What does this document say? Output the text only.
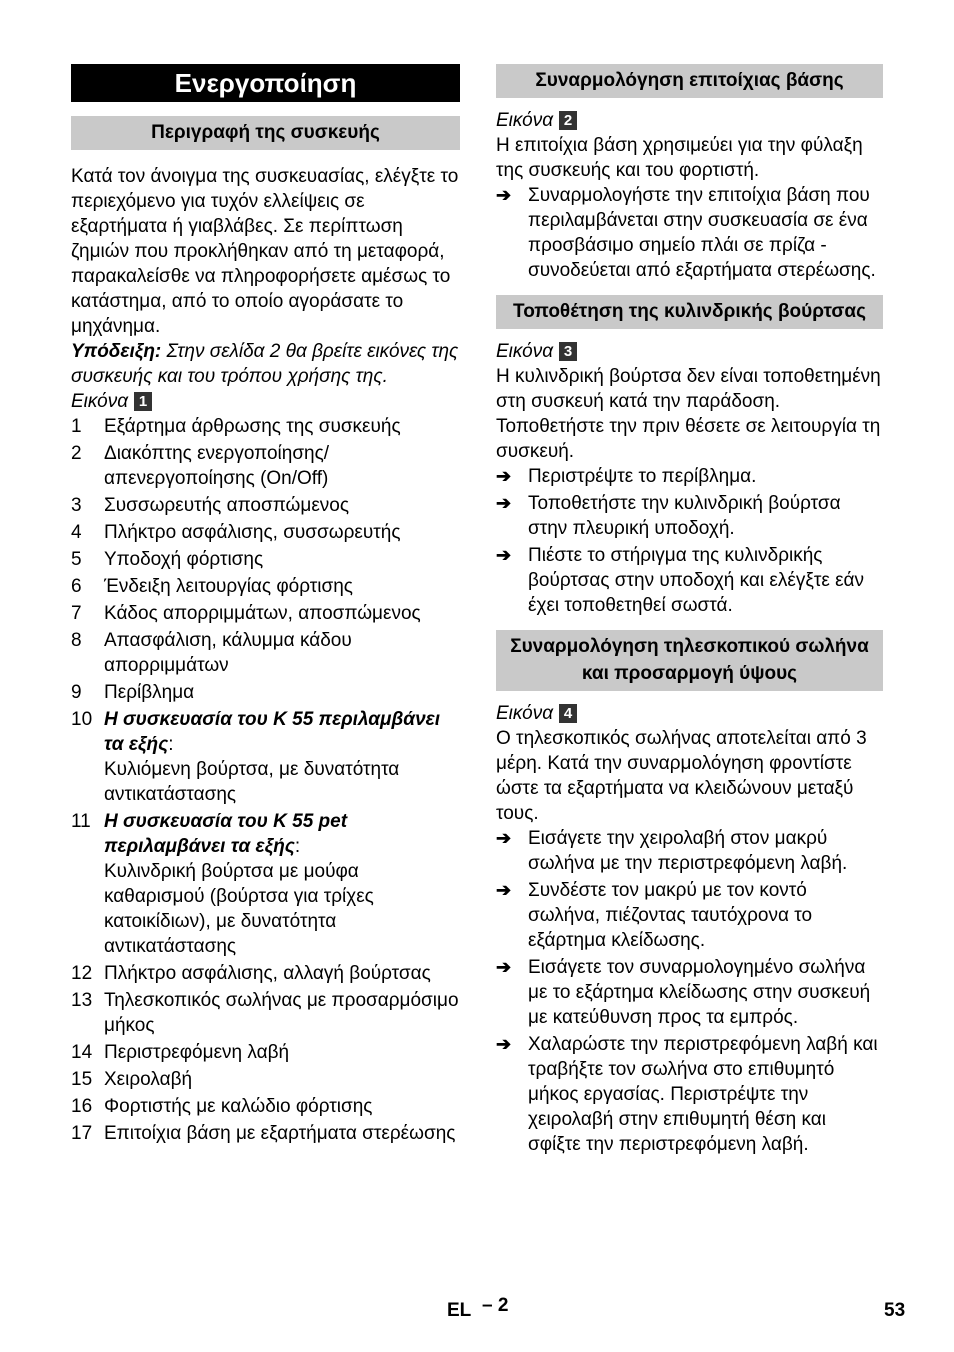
Ενεργοποίηση
Περιγραφή της συσκευής

Κατά τον άνοιγμα της συσκευασίας, ελέγξτε το περιεχόμενο για τυχόν ελλείψεις σε εξαρτήματα ή γιαβλάβες. Σε περίπτωση ζημιών που προκλήθηκαν από τη μεταφορά, παρακαλείσθε να πληροφορήσετε αμέσως το κατάστημα, από το οποίο αγοράσατε το μηχάνημα.

Υπόδειξη: Στην σελίδα 2 θα βρείτε εικόνες της συσκευής και του τρόπου χρήσης της.

Εικόνα 1
1	Εξάρτημα άρθρωσης της συσκευής
2	Διακόπτης ενεργοποίησης/ απενεργοποίησης (On/Off)
3	Συσσωρευτής αποσπώμενος
4	Πλήκτρο ασφάλισης, συσσωρευτής
5	Υποδοχή φόρτισης
6	Ένδειξη λειτουργίας φόρτισης
7	Κάδος απορριμμάτων, αποσπώμενος
8	Απασφάλιση, κάλυμμα κάδου απορριμμάτων
9	Περίβλημα
10 Η συσκευασία του K 55 περιλαμβάνει τα εξής:
Κυλιόμενη βούρτσα, με δυνατότητα αντικατάστασης
11 Η συσκευασία του K 55 pet περιλαμβάνει τα εξής:
Κυλινδρική βούρτσα με μούφα καθαρισμού (βούρτσα για τρίχες κατοικίδιων), με δυνατότητα αντικατάστασης
12 Πλήκτρο ασφάλισης, αλλαγή βούρτσας
13 Τηλεσκοπικός σωλήνας με προσαρμόσιμο μήκος
14 Περιστρεφόμενη λαβή
15 Χειρολαβή
16 Φορτιστής με καλώδιο φόρτισης
17 Επιτοίχια βάση με εξαρτήματα στερέωσης
Συναρμολόγηση επιτοίχιας βάσης
Εικόνα 2

Η επιτοίχια βάση χρησιμεύει για την φύλαξη της συσκευής και του φορτιστή.

➔ Συναρμολογήστε την επιτοίχια βάση που περιλαμβάνεται στην συσκευασία σε ένα προσβάσιμο σημείο πλάι σε πρίζα - συνοδεύεται από εξαρτήματα στερέωσης.
Τοποθέτηση της κυλινδρικής βούρτσας
Εικόνα 3

Η κυλινδρική βούρτσα δεν είναι τοποθετημένη στη συσκευή κατά την παράδοση. Τοποθετήστε την πριν θέσετε σε λειτουργία τη συσκευή.

➔ Περιστρέψτε το περίβλημα.
➔ Τοποθετήστε την κυλινδρική βούρτσα στην πλευρική υποδοχή.
➔ Πιέστε το στήριγμα της κυλινδρικής βούρτσας στην υποδοχή και ελέγξτε εάν έχει τοποθετηθεί σωστά.
Συναρμολόγηση τηλεσκοπικού σωλήνα και προσαρμογή ύψους
Εικόνα 4

Ο τηλεσκοπικός σωλήνας αποτελείται από 3 μέρη. Κατά την συναρμολόγηση φροντίστε ώστε τα εξαρτήματα να κλειδώνουν μεταξύ τους.

➔ Εισάγετε την χειρολαβή στον μακρύ σωλήνα με την περιστρεφόμενη λαβή.
➔ Συνδέστε τον μακρύ με τον κοντό σωλήνα, πιέζοντας ταυτόχρονα το εξάρτημα κλείδωσης.
➔ Εισάγετε τον συναρμολογημένο σωλήνα με το εξάρτημα κλείδωσης στην συσκευή με κατεύθυνση προς τα εμπρός.
➔ Χαλαρώστε την περιστρεφόμενη λαβή και τραβήξτε τον σωλήνα στο επιθυμητό μήκος εργασίας. Περιστρέψτε την χειρολαβή στην επιθυμητή θέση και σφίξτε την περιστρεφόμενη λαβή.
EL – 2	53
